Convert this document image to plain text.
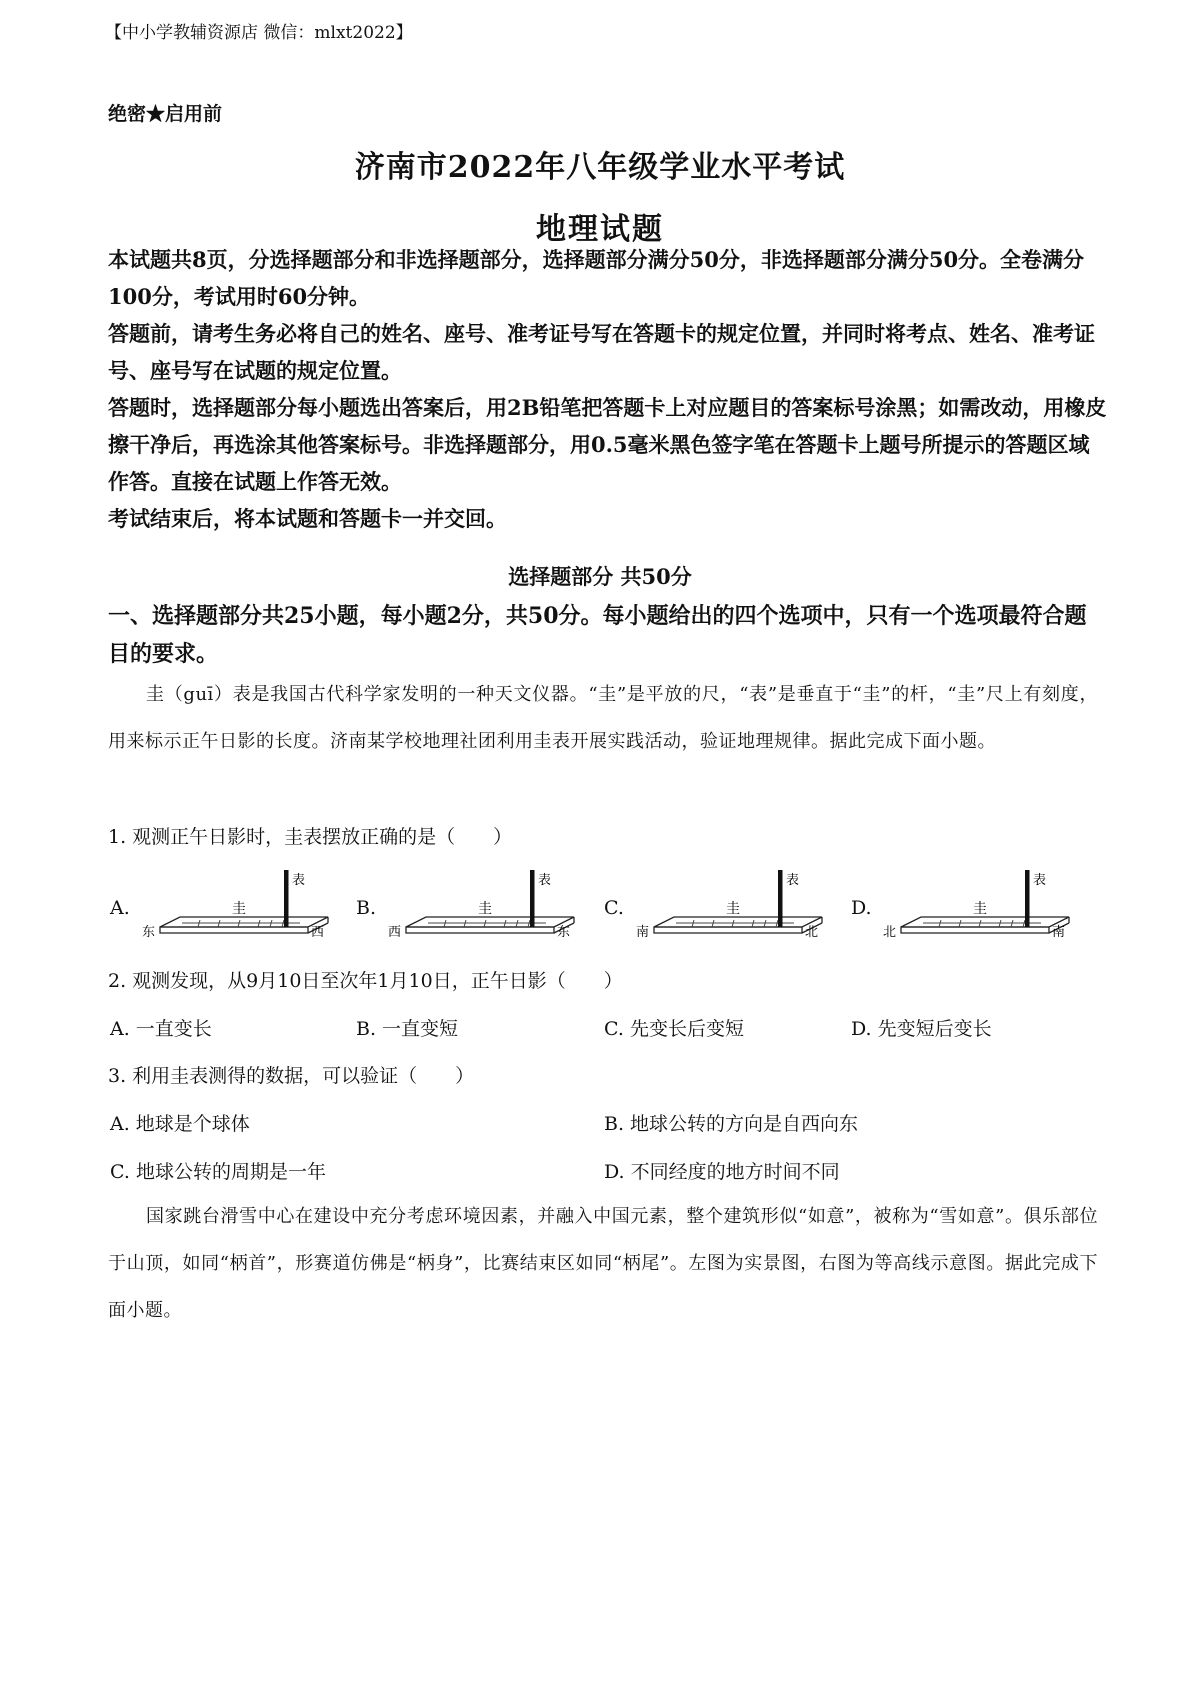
【中小学教辅资源店 微信：mlxt2022】
绝密★启用前
济南市2022年八年级学业水平考试
地理试题
本试题共8页，分选择题部分和非选择题部分，选择题部分满分50分，非选择题部分满分50分。全卷满分100分，考试用时60分钟。
答题前，请考生务必将自己的姓名、座号、准考证号写在答题卡的规定位置，并同时将考点、姓名、准考证号、座号写在试题的规定位置。
答题时，选择题部分每小题选出答案后，用2B铅笔把答题卡上对应题目的答案标号涂黑；如需改动，用橡皮擦干净后，再选涂其他答案标号。非选择题部分，用0.5毫米黑色签字笔在答题卡上题号所提示的答题区域作答。直接在试题上作答无效。
考试结束后，将本试题和答题卡一并交回。
选择题部分 共50分
一、选择题部分共25小题，每小题2分，共50分。每小题给出的四个选项中，只有一个选项最符合题目的要求。
圭（guī）表是我国古代科学家发明的一种天文仪器。“圭”是平放的尺，“表”是垂直于“圭”的杆，“圭”尺上有刻度，用来标示正午日影的长度。济南某学校地理社团利用圭表开展实践活动，验证地理规律。据此完成下面小题。
1. 观测正午日影时，圭表摆放正确的是（　　）
A.
表
圭
东	西
B.
表
圭
西	东
C.
表
圭
南	北
D.
表
圭
北	南
2. 观测发现，从9月10日至次年1月10日，正午日影（　　）
A. 一直变长	B. 一直变短	C. 先变长后变短	D. 先变短后变长
3. 利用圭表测得的数据，可以验证（　　）
A. 地球是个球体	B. 地球公转的方向是自西向东
C. 地球公转的周期是一年	D. 不同经度的地方时间不同
国家跳台滑雪中心在建设中充分考虑环境因素，并融入中国元素，整个建筑形似“如意”，被称为“雪如意”。俱乐部位于山顶，如同“柄首”，形赛道仿佛是“柄身”，比赛结束区如同“柄尾”。左图为实景图，右图为等高线示意图。据此完成下面小题。
